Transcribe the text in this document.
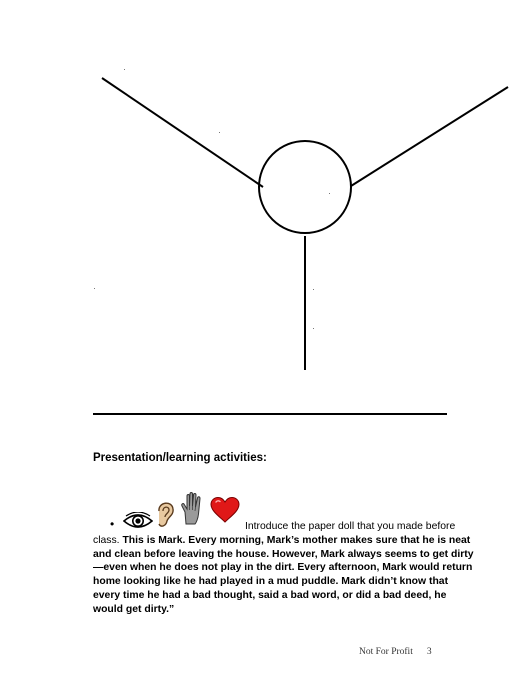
Presentation/learning activities:
•	Introduce the paper doll that you made before class. This is Mark. Every morning, Mark’s mother makes sure that he is neat and clean before leaving the house. However, Mark always seems to get dirty—even when he does not play in the dirt. Every afternoon, Mark would return home looking like he had played in a mud puddle. Mark didn’t know that every time he had a bad thought, said a bad word, or did a bad deed, he would get dirty.”

Not For Profit 3
